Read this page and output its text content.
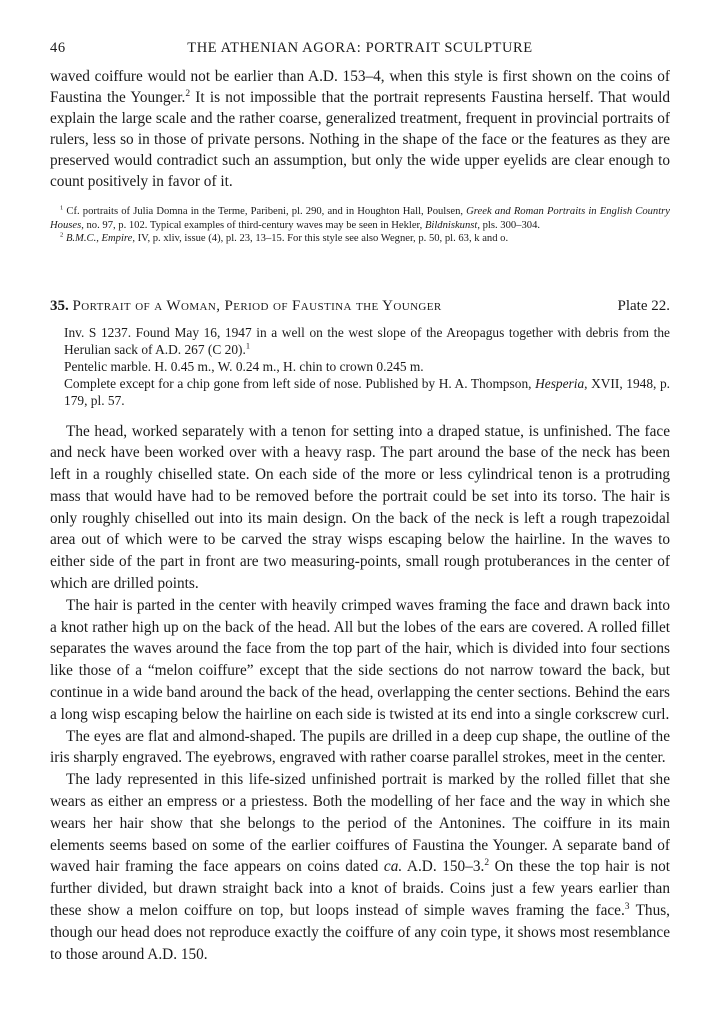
46	THE ATHENIAN AGORA: PORTRAIT SCULPTURE

waved coiffure would not be earlier than A.D. 153–4, when this style is first shown on the coins of Faustina the Younger.$^2$ It is not impossible that the portrait represents Faustina herself. That would explain the large scale and the rather coarse, generalized treatment, frequent in provincial portraits of rulers, less so in those of private persons. Nothing in the shape of the face or the features as they are preserved would contradict such an assumption, but only the wide upper eyelids are clear enough to count positively in favor of it.

$^1$ Cf. portraits of Julia Domna in the Terme, Paribeni, pl. 290, and in Houghton Hall, Poulsen, Greek and Roman Portraits in English Country Houses, no. 97, p. 102. Typical examples of third-century waves may be seen in Hekler, Bildniskunst, pls. 300–304.

$^2$ B.M.C., Empire, IV, p. xliv, issue (4), pl. 23, 13–15. For this style see also Wegner, p. 50, pl. 63, k and o.

35. Portrait of a Woman, Period of Faustina the Younger	Plate 22.

Inv. S 1237. Found May 16, 1947 in a well on the west slope of the Areopagus together with debris from the Herulian sack of A.D. 267 (C 20).$^1$

Pentelic marble. H. 0.45 m., W. 0.24 m., H. chin to crown 0.245 m.

Complete except for a chip gone from left side of nose. Published by H. A. Thompson, Hesperia, XVII, 1948, p. 179, pl. 57.

The head, worked separately with a tenon for setting into a draped statue, is unfinished. The face and neck have been worked over with a heavy rasp. The part around the base of the neck has been left in a roughly chiselled state. On each side of the more or less cylindrical tenon is a protruding mass that would have had to be removed before the portrait could be set into its torso. The hair is only roughly chiselled out into its main design. On the back of the neck is left a rough trapezoidal area out of which were to be carved the stray wisps escaping below the hairline. In the waves to either side of the part in front are two measuring-points, small rough protuberances in the center of which are drilled points.

The hair is parted in the center with heavily crimped waves framing the face and drawn back into a knot rather high up on the back of the head. All but the lobes of the ears are covered. A rolled fillet separates the waves around the face from the top part of the hair, which is divided into four sections like those of a “melon coiffure” except that the side sections do not narrow toward the back, but continue in a wide band around the back of the head, overlapping the center sections. Behind the ears a long wisp escaping below the hairline on each side is twisted at its end into a single corkscrew curl.

The eyes are flat and almond-shaped. The pupils are drilled in a deep cup shape, the outline of the iris sharply engraved. The eyebrows, engraved with rather coarse parallel strokes, meet in the center.

The lady represented in this life-sized unfinished portrait is marked by the rolled fillet that she wears as either an empress or a priestess. Both the modelling of her face and the way in which she wears her hair show that she belongs to the period of the Antonines. The coiffure in its main elements seems based on some of the earlier coiffures of Faustina the Younger. A separate band of waved hair framing the face appears on coins dated ca. A.D. 150–3.$^2$ On these the top hair is not further divided, but drawn straight back into a knot of braids. Coins just a few years earlier than these show a melon coiffure on top, but loops instead of simple waves framing the face.$^3$ Thus, though our head does not reproduce exactly the coiffure of any coin type, it shows most resemblance to those around A.D. 150.
